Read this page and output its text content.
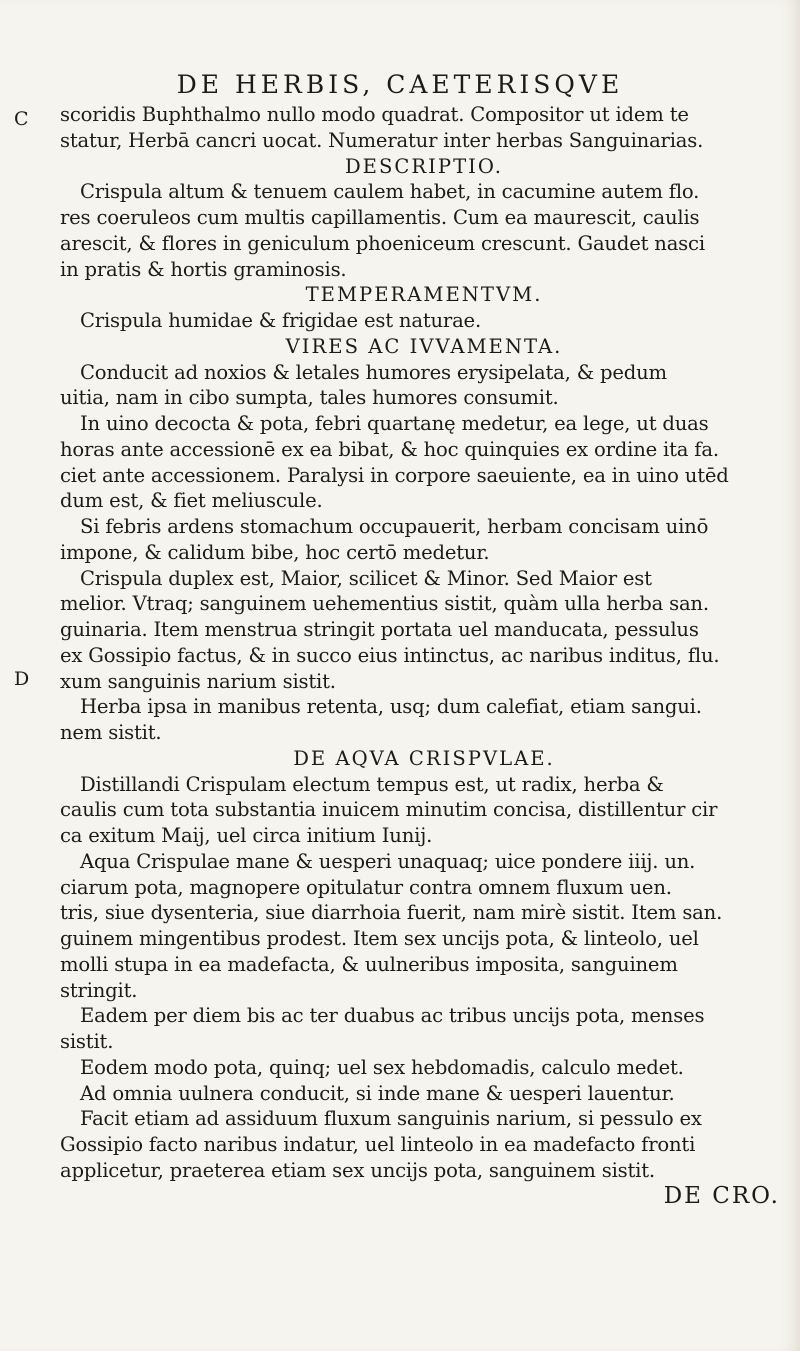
DE HERBIS, CAETERISQVE
C
D
scoridis Buphthalmo nullo modo quadrat. Compositor ut idem te
statur, Herbā cancri uocat. Numeratur inter herbas Sanguinarias.
DESCRIPTIO.
Crispula altum & tenuem caulem habet, in cacumine autem flo.
res coeruleos cum multis capillamentis. Cum ea maurescit, caulis
arescit, & flores in geniculum phoeniceum crescunt. Gaudet nasci
in pratis & hortis graminosis.
TEMPERAMENTVM.
Crispula humidae & frigidae est naturae.
VIRES AC IVVAMENTA.
Conducit ad noxios & letales humores erysipelata, & pedum
uitia, nam in cibo sumpta, tales humores consumit.
In uino decocta & pota, febri quartanę medetur, ea lege, ut duas
horas ante accessionē ex ea bibat, & hoc quinquies ex ordine ita fa.
ciet ante accessionem. Paralysi in corpore saeuiente, ea in uino utēd
dum est, & fiet meliuscule.
Si febris ardens stomachum occupauerit, herbam concisam uinō
impone, & calidum bibe, hoc certō medetur.
Crispula duplex est, Maior, scilicet & Minor. Sed Maior est
melior. Vtraq; sanguinem uehementius sistit, quàm ulla herba san.
guinaria. Item menstrua stringit portata uel manducata, pessulus
ex Gossipio factus, & in succo eius intinctus, ac naribus inditus, flu.
xum sanguinis narium sistit.
Herba ipsa in manibus retenta, usq; dum calefiat, etiam sangui.
nem sistit.
DE AQVA CRISPVLAE.
Distillandi Crispulam electum tempus est, ut radix, herba &
caulis cum tota substantia inuicem minutim concisa, distillentur cir
ca exitum Maij, uel circa initium Iunij.
Aqua Crispulae mane & uesperi unaquaq; uice pondere iiij. un.
ciarum pota, magnopere opitulatur contra omnem fluxum uen.
tris, siue dysenteria, siue diarrhoia fuerit, nam mirè sistit. Item san.
guinem mingentibus prodest. Item sex uncijs pota, & linteolo, uel
molli stupa in ea madefacta, & uulneribus imposita, sanguinem
stringit.
Eadem per diem bis ac ter duabus ac tribus uncijs pota, menses
sistit.
Eodem modo pota, quinq; uel sex hebdomadis, calculo medet.
Ad omnia uulnera conducit, si inde mane & uesperi lauentur.
Facit etiam ad assiduum fluxum sanguinis narium, si pessulo ex
Gossipio facto naribus indatur, uel linteolo in ea madefacto fronti
applicetur, praeterea etiam sex uncijs pota, sanguinem sistit.
DE CRO.
